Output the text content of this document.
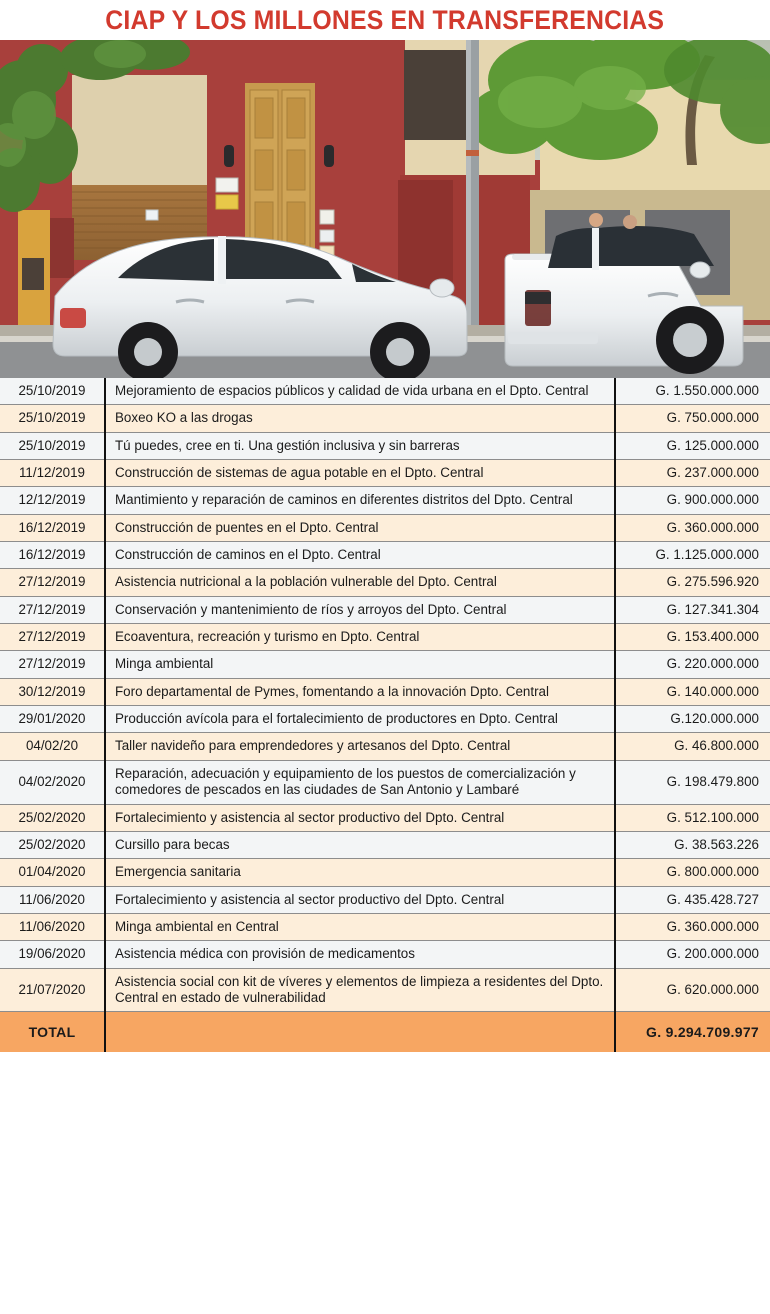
CIAP Y LOS MILLONES EN TRANSFERENCIAS
25/10/2019	Mejoramiento de espacios públicos y calidad de vida urbana en el Dpto. Central	G. 1.550.000.000
25/10/2019	Boxeo KO a las drogas	G. 750.000.000
25/10/2019	Tú puedes, cree en ti. Una gestión inclusiva y sin barreras	G. 125.000.000
11/12/2019	Construcción de sistemas de agua potable en el Dpto. Central	G. 237.000.000
12/12/2019	Mantimiento y reparación de caminos en diferentes distritos del Dpto. Central	G. 900.000.000
16/12/2019	Construcción de puentes en el Dpto. Central	G. 360.000.000
16/12/2019	Construcción de caminos en el Dpto. Central	G. 1.125.000.000
27/12/2019	Asistencia nutricional a la población vulnerable del Dpto. Central	G. 275.596.920
27/12/2019	Conservación y mantenimiento de ríos y arroyos del Dpto. Central	G. 127.341.304
27/12/2019	Ecoaventura, recreación y turismo en Dpto. Central	G. 153.400.000
27/12/2019	Minga ambiental	G. 220.000.000
30/12/2019	Foro departamental de Pymes, fomentando a la innovación Dpto. Central	G. 140.000.000
29/01/2020	Producción avícola para el fortalecimiento de productores en Dpto. Central	G.120.000.000
04/02/20	Taller navideño para emprendedores y artesanos del Dpto. Central	G. 46.800.000
04/02/2020	Reparación, adecuación y equipamiento de los puestos de comercialización y comedores de pescados en las ciudades de San Antonio y Lambaré	G. 198.479.800
25/02/2020	Fortalecimiento y asistencia al sector productivo del Dpto. Central	G. 512.100.000
25/02/2020	Cursillo para becas	G. 38.563.226
01/04/2020	Emergencia sanitaria	G. 800.000.000
11/06/2020	Fortalecimiento y asistencia al sector productivo del Dpto. Central	G. 435.428.727
11/06/2020	Minga ambiental en Central	G. 360.000.000
19/06/2020	Asistencia médica con provisión de medicamentos	G. 200.000.000
21/07/2020	Asistencia social con kit de víveres y elementos de limpieza a residentes del Dpto. Central en estado de vulnerabilidad	G. 620.000.000
TOTAL		G. 9.294.709.977
